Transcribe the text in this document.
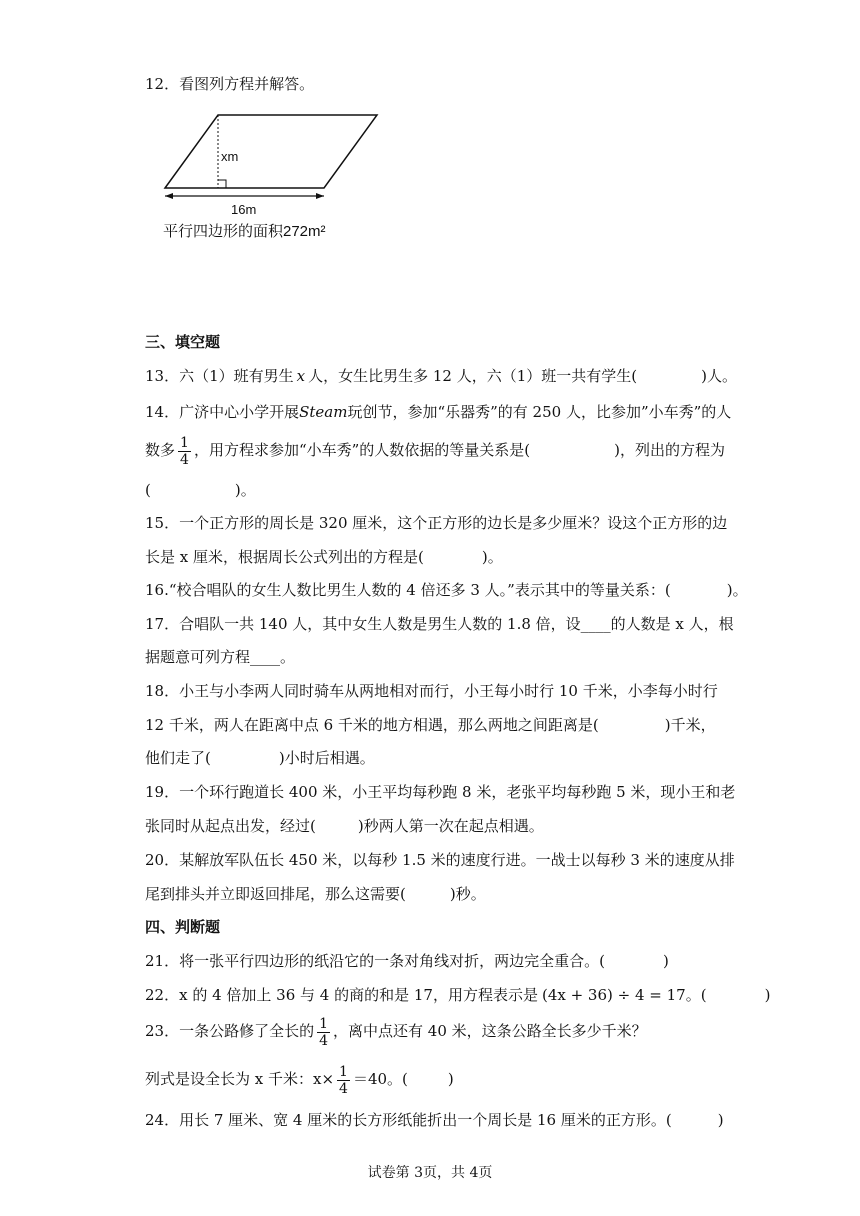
12．看图列方程并解答。
xm
16m
平行四边形的面积272m²
三、填空题
13．六（1）班有男生 x 人，女生比男生多 12 人，六（1）班一共有学生(	)人。
14．广济中心小学开展Steam玩创节，参加“乐器秀”的有 250 人，比参加”小车秀”的人
数多 $\frac{1}{4}$ ，用方程求参加“小车秀”的人数依据的等量关系是(	)，列出的方程为
(	)。
15．一个正方形的周长是 320 厘米，这个正方形的边长是多少厘米？设这个正方形的边
长是 x 厘米，根据周长公式列出的方程是(	)。
16.“校合唱队的女生人数比男生人数的 4 倍还多 3 人。”表示其中的等量关系：(	)。
17．合唱队一共 140 人，其中女生人数是男生人数的 1.8 倍，设____的人数是 x 人，根
据题意可列方程____。
18．小王与小李两人同时骑车从两地相对而行，小王每小时行 10 千米，小李每小时行
12 千米，两人在距离中点 6 千米的地方相遇，那么两地之间距离是(	)千米，
他们走了(	)小时后相遇。
19．一个环行跑道长 400 米，小王平均每秒跑 8 米，老张平均每秒跑 5 米，现小王和老
张同时从起点出发，经过(	)秒两人第一次在起点相遇。
20．某解放军队伍长 450 米，以每秒 1.5 米的速度行进。一战士以每秒 3 米的速度从排
尾到排头并立即返回排尾，那么这需要(	)秒。
四、判断题
21．将一张平行四边形的纸沿它的一条对角线对折，两边完全重合。(	)
22．x 的 4 倍加上 36 与 4 的商的和是 17，用方程表示是 (4x + 36) ÷ 4 = 17。(	)
23．一条公路修了全长的 $\frac{1}{4}$ ，离中点还有 40 米，这条公路全长多少千米？
列式是设全长为 x 千米：$x\times \frac{1}{4} =40$。(	)
24．用长 7 厘米、宽 4 厘米的长方形纸能折出一个周长是 16 厘米的正方形。(	)
试卷第 3页，共 4页
